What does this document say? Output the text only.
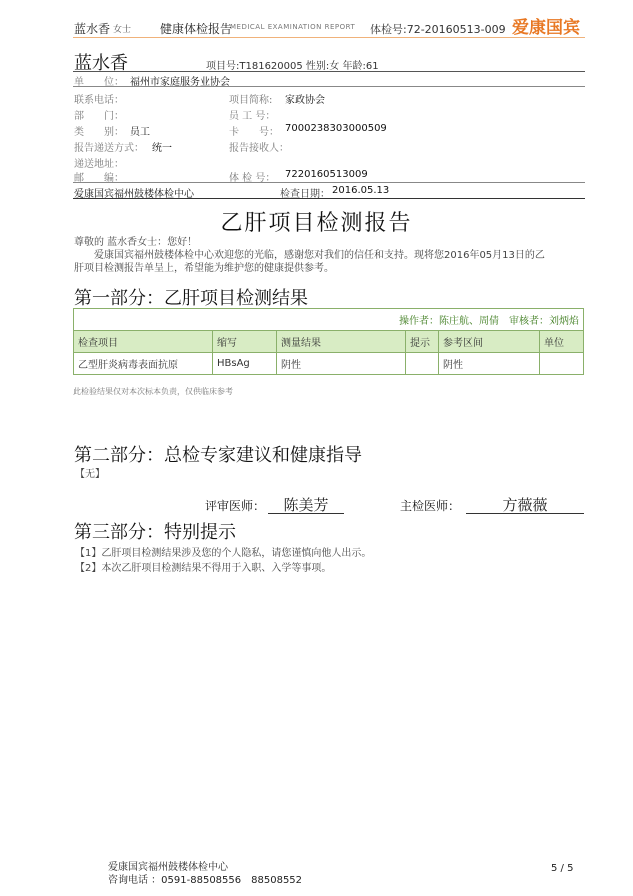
蓝水香 女士 健康体检报告
MEDICAL EXAMINATION REPORT 体检号:72-20160513-009 爱康国宾
蓝水香	项目号:T181620005 性别:女 年龄:61
单　　位： 福州市家庭服务业协会
联系电话：	项目简称: 家政协会
部　　门：	员 工 号：
类　　别： 员工	卡　　号： 7000238303000509
报告递送方式： 统一	报告接收人：
递送地址：
邮　　编：	体 检 号： 7220160513009
爱康国宾福州鼓楼体检中心	检查日期： 2016.05.13
乙肝项目检测报告
尊敬的 蓝水香女士：您好！
　　爱康国宾福州鼓楼体检中心欢迎您的光临，感谢您对我们的信任和支持。现将您2016年05月13日的乙
肝项目检测报告单呈上，希望能为维护您的健康提供参考。
第一部分：乙肝项目检测结果
操作者：陈庄航、周倩　审核者：刘炳焰					
检查项目	缩写	测量结果	提示	参考区间	单位
乙型肝炎病毒表面抗原	HBsAg	阴性		阴性	
此检验结果仅对本次标本负责，仅供临床参考
第二部分：总检专家建议和健康指导
【无】
评审医师：	陈美芳	主检医师：	方薇薇
第三部分：特别提示
【1】乙肝项目检测结果涉及您的个人隐私，请您谨慎向他人出示。
【2】本次乙肝项目检测结果不得用于入职、入学等事项。
爱康国宾福州鼓楼体检中心
咨询电话 ：0591-88508556　88508552
5 / 5
